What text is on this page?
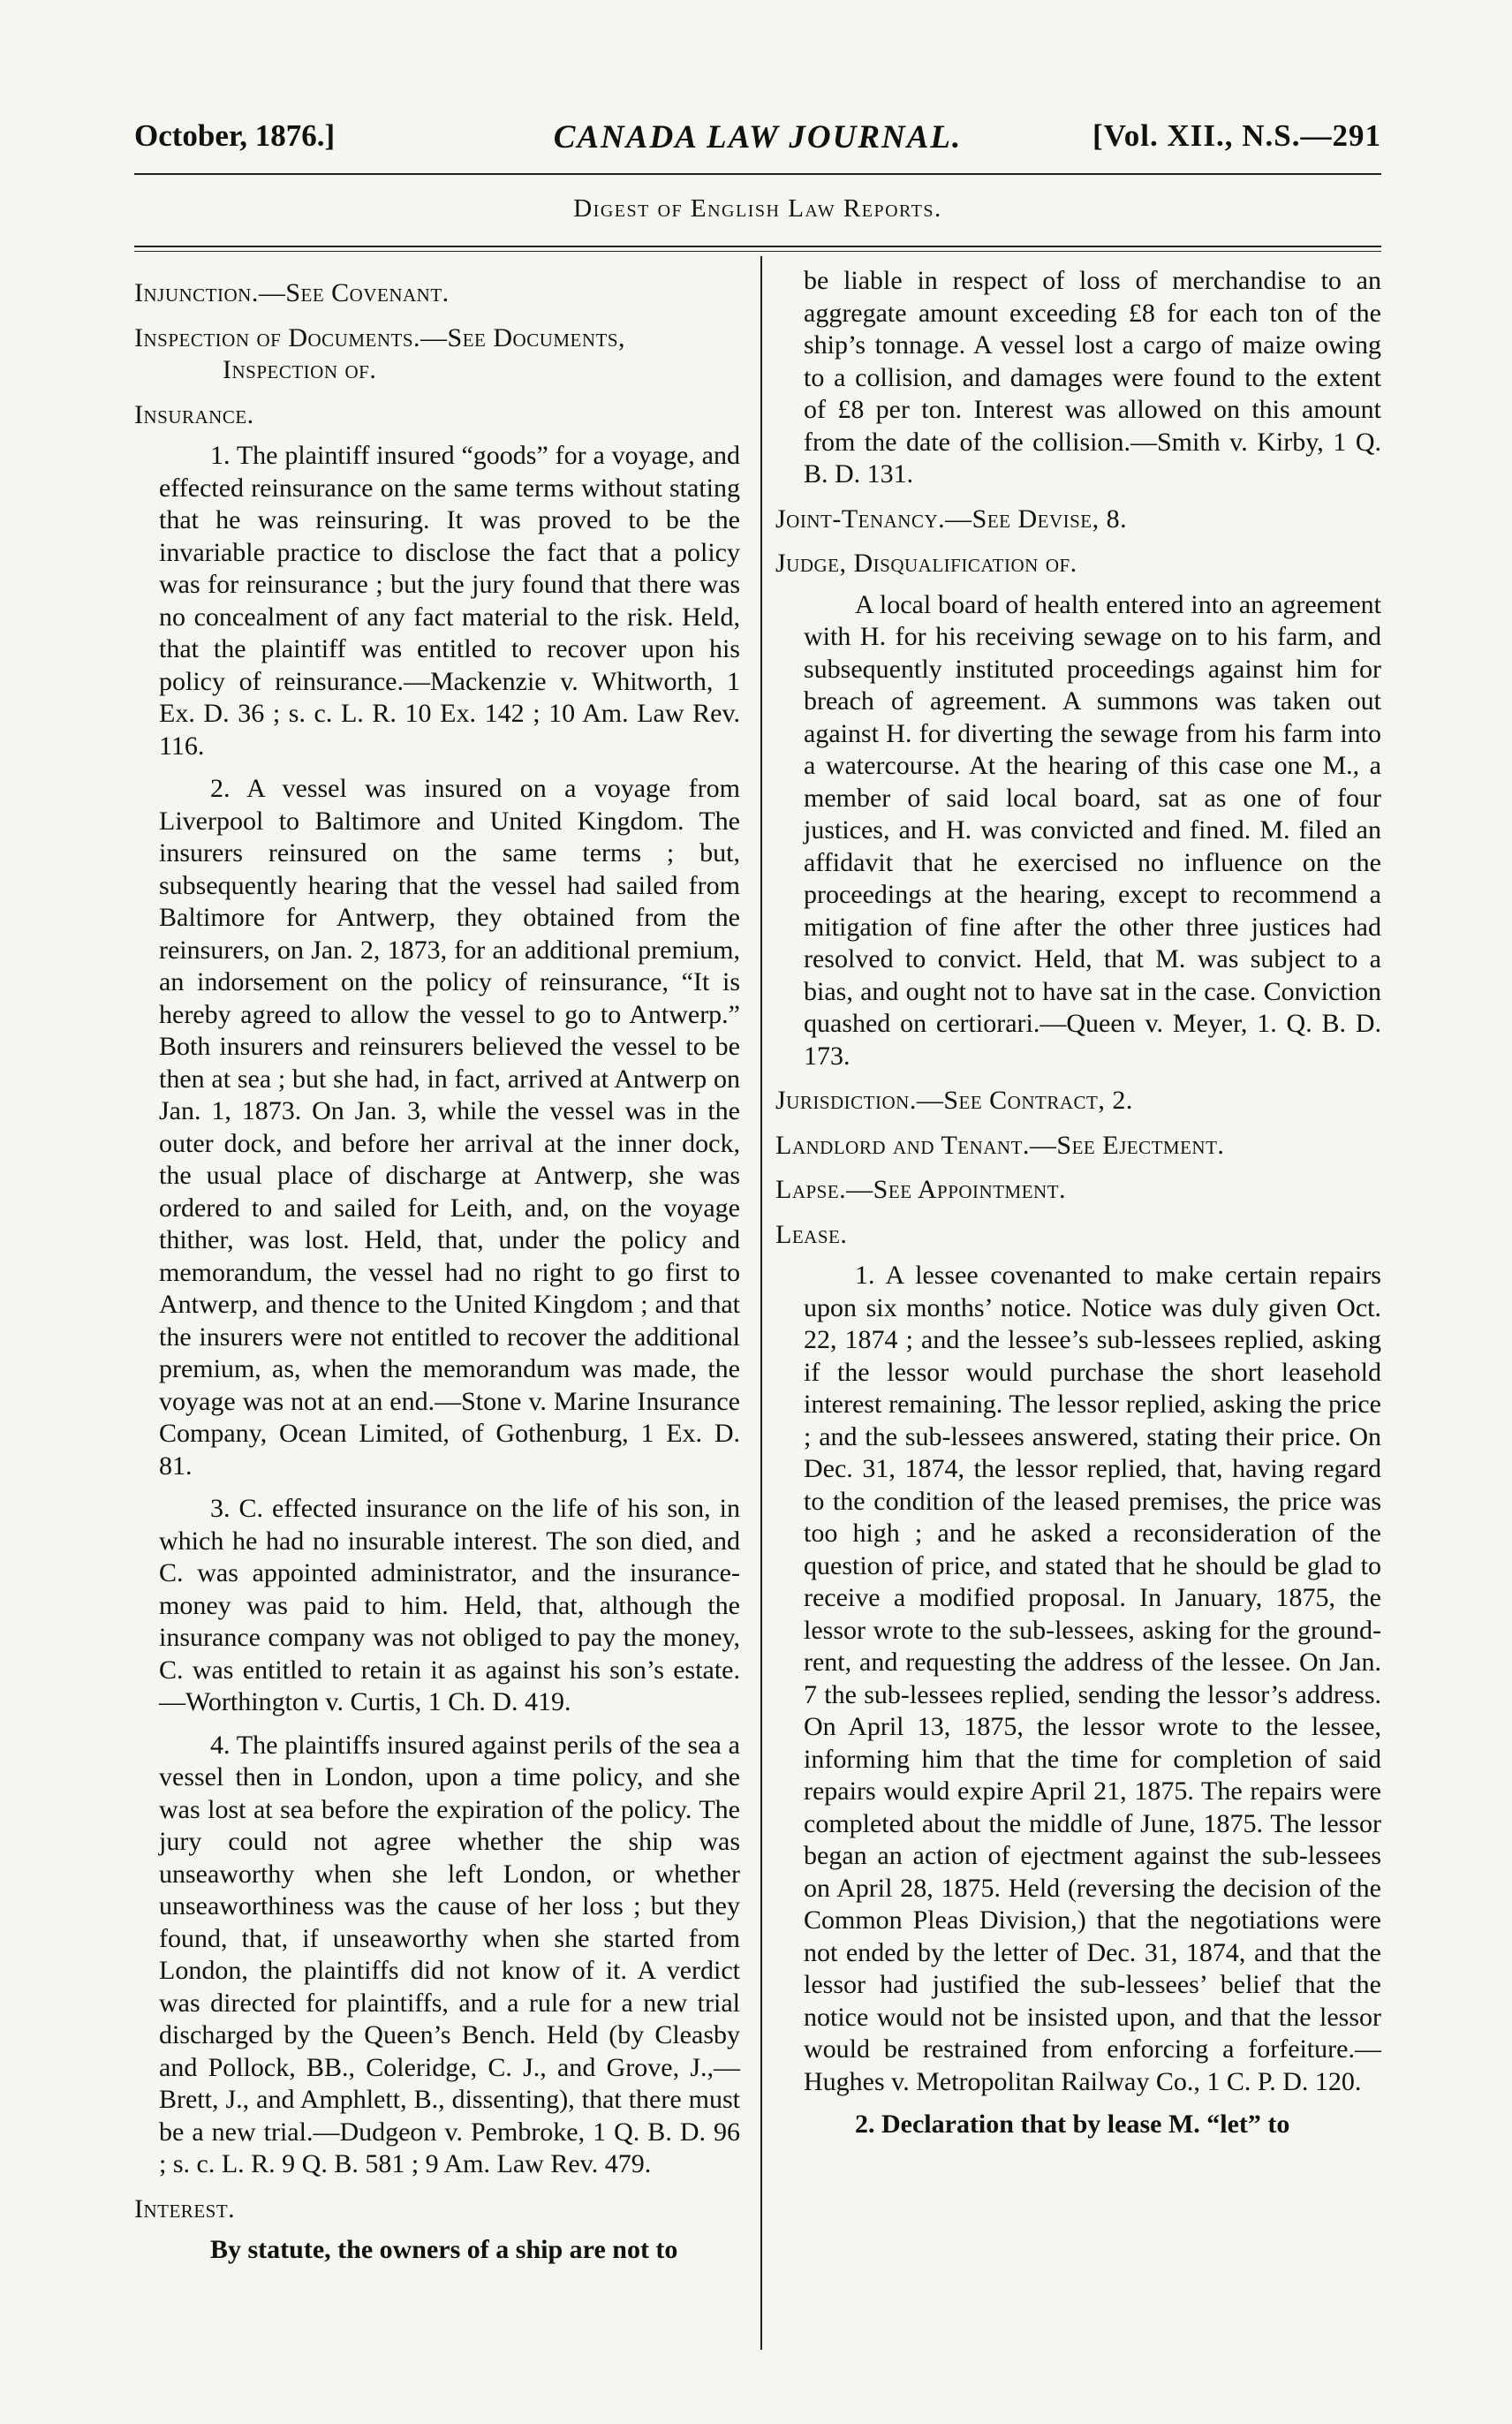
October, 1876.]	CANADA LAW JOURNAL.	[Vol. XII., N.S.—291
Digest of English Law Reports.
Injunction.—See Covenant.
Inspection of Documents.—See Documents,
Inspection of.
Insurance.

1. The plaintiff insured “goods” for a voyage, and effected reinsurance on the same terms without stating that he was reinsuring. It was proved to be the invariable practice to disclose the fact that a policy was for reinsurance ; but the jury found that there was no concealment of any fact material to the risk. Held, that the plaintiff was entitled to recover upon his policy of reinsurance.—Mackenzie v. Whitworth, 1 Ex. D. 36 ; s. c. L. R. 10 Ex. 142 ; 10 Am. Law Rev. 116.

2. A vessel was insured on a voyage from Liverpool to Baltimore and United Kingdom. The insurers reinsured on the same terms ; but, subsequently hearing that the vessel had sailed from Baltimore for Antwerp, they obtained from the reinsurers, on Jan. 2, 1873, for an additional premium, an indorsement on the policy of reinsurance, “It is hereby agreed to allow the vessel to go to Antwerp.” Both insurers and reinsurers believed the vessel to be then at sea ; but she had, in fact, arrived at Antwerp on Jan. 1, 1873. On Jan. 3, while the vessel was in the outer dock, and before her arrival at the inner dock, the usual place of discharge at Antwerp, she was ordered to and sailed for Leith, and, on the voyage thither, was lost. Held, that, under the policy and memorandum, the vessel had no right to go first to Antwerp, and thence to the United Kingdom ; and that the insurers were not entitled to recover the additional premium, as, when the memorandum was made, the voyage was not at an end.—Stone v. Marine Insurance Company, Ocean Limited, of Gothenburg, 1 Ex. D. 81.

3. C. effected insurance on the life of his son, in which he had no insurable interest. The son died, and C. was appointed administrator, and the insurance-money was paid to him. Held, that, although the insurance company was not obliged to pay the money, C. was entitled to retain it as against his son’s estate.—Worthington v. Curtis, 1 Ch. D. 419.

4. The plaintiffs insured against perils of the sea a vessel then in London, upon a time policy, and she was lost at sea before the expiration of the policy. The jury could not agree whether the ship was unseaworthy when she left London, or whether unseaworthiness was the cause of her loss ; but they found, that, if unseaworthy when she started from London, the plaintiffs did not know of it. A verdict was directed for plaintiffs, and a rule for a new trial discharged by the Queen’s Bench. Held (by Cleasby and Pollock, BB., Coleridge, C. J., and Grove, J.,—Brett, J., and Amphlett, B., dissenting), that there must be a new trial.—Dudgeon v. Pembroke, 1 Q. B. D. 96 ; s. c. L. R. 9 Q. B. 581 ; 9 Am. Law Rev. 479.

Interest.

By statute, the owners of a ship are not to

be liable in respect of loss of merchandise to an aggregate amount exceeding £8 for each ton of the ship’s tonnage. A vessel lost a cargo of maize owing to a collision, and damages were found to the extent of £8 per ton. Interest was allowed on this amount from the date of the collision.—Smith v. Kirby, 1 Q. B. D. 131.

Joint-Tenancy.—See Devise, 8.
Judge, Disqualification of.

A local board of health entered into an agreement with H. for his receiving sewage on to his farm, and subsequently instituted proceedings against him for breach of agreement. A summons was taken out against H. for diverting the sewage from his farm into a watercourse. At the hearing of this case one M., a member of said local board, sat as one of four justices, and H. was convicted and fined. M. filed an affidavit that he exercised no influence on the proceedings at the hearing, except to recommend a mitigation of fine after the other three justices had resolved to convict. Held, that M. was subject to a bias, and ought not to have sat in the case. Conviction quashed on certiorari.—Queen v. Meyer, 1. Q. B. D. 173.

Jurisdiction.—See Contract, 2.
Landlord and Tenant.—See Ejectment.
Lapse.—See Appointment.
Lease.

1. A lessee covenanted to make certain repairs upon six months’ notice. Notice was duly given Oct. 22, 1874 ; and the lessee’s sub-lessees replied, asking if the lessor would purchase the short leasehold interest remaining. The lessor replied, asking the price ; and the sub-lessees answered, stating their price. On Dec. 31, 1874, the lessor replied, that, having regard to the condition of the leased premises, the price was too high ; and he asked a reconsideration of the question of price, and stated that he should be glad to receive a modified proposal. In January, 1875, the lessor wrote to the sub-lessees, asking for the ground-rent, and requesting the address of the lessee. On Jan. 7 the sub-lessees replied, sending the lessor’s address. On April 13, 1875, the lessor wrote to the lessee, informing him that the time for completion of said repairs would expire April 21, 1875. The repairs were completed about the middle of June, 1875. The lessor began an action of ejectment against the sub-lessees on April 28, 1875. Held (reversing the decision of the Common Pleas Division,) that the negotiations were not ended by the letter of Dec. 31, 1874, and that the lessor had justified the sub-lessees’ belief that the notice would not be insisted upon, and that the lessor would be restrained from enforcing a forfeiture.—Hughes v. Metropolitan Railway Co., 1 C. P. D. 120.

2. Declaration that by lease M. “let” to
